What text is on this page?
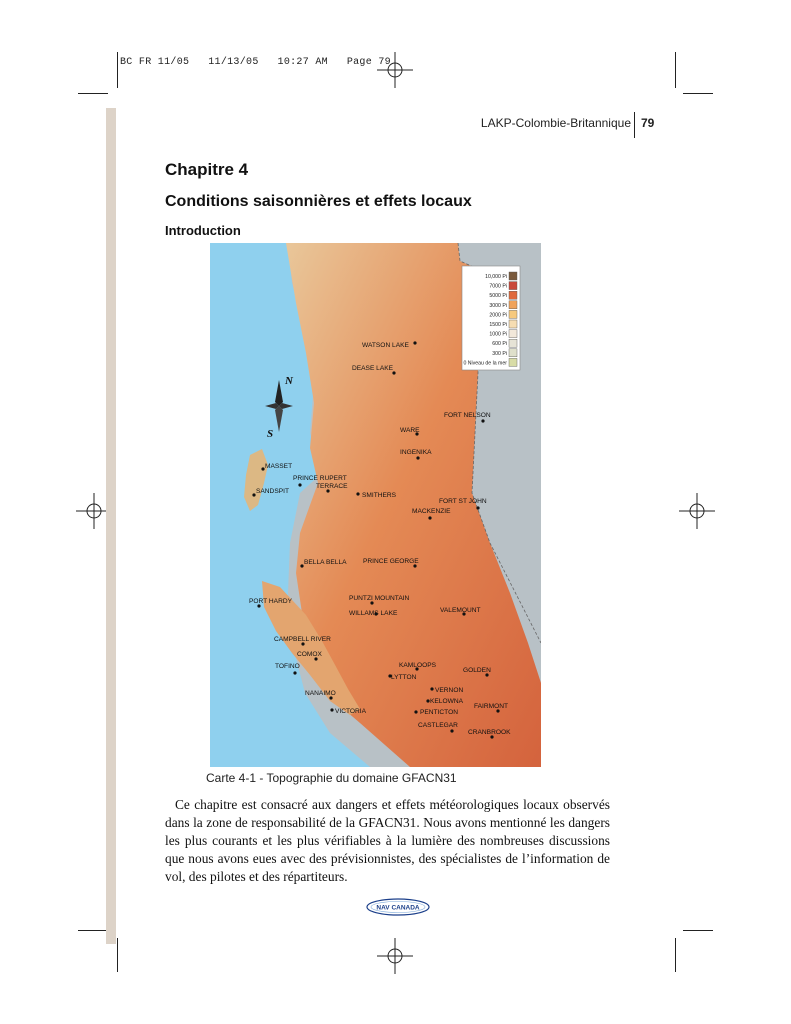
BC FR 11/05   11/13/05   10:27 AM   Page 79
LAKP-Colombie-Britannique 79
Chapitre 4
Conditions saisonnières et effets locaux
Introduction
N
S
10,000 Pi
7000 Pi
5000 Pi
3000 Pi
2000 Pi
1500 Pi
1000 Pi
600 Pi
300 Pi
0 Niveau de la mer
WATSON LAKE
DEASE LAKE
FORT NELSON
WARE
INGENIKA
MASSET
PRINCE RUPERT
TERRACE
SMITHERS
SANDSPIT
FORT ST JOHN
MACKENZIE
BELLA BELLA PRINCE GEORGE
PORT HARDY	PUNTZI MOUNTAIN
WILLAMS LAKE	VALEMOUNT
CAMPBELL RIVER
COMOX
TOFINO	KAMLOOPS
LYTTON
GOLDEN
NANAIMO	VERNON
KELOWNA
VICTORIA	PENTICTON
FAIRMONT
CASTLEGAR
CRANBROOK
Carte 4-1 - Topographie du domaine GFACN31
Ce chapitre est consacré aux dangers et effets météorologiques locaux observés dans la zone de responsabilité de la GFACN31. Nous avons mentionné les dangers les plus courants et les plus vérifiables à la lumière des nombreuses discussions que nous avons eues avec des prévisionnistes, des spécialistes de l’information de vol, des pilotes et des répartiteurs.
NAV CANADA
